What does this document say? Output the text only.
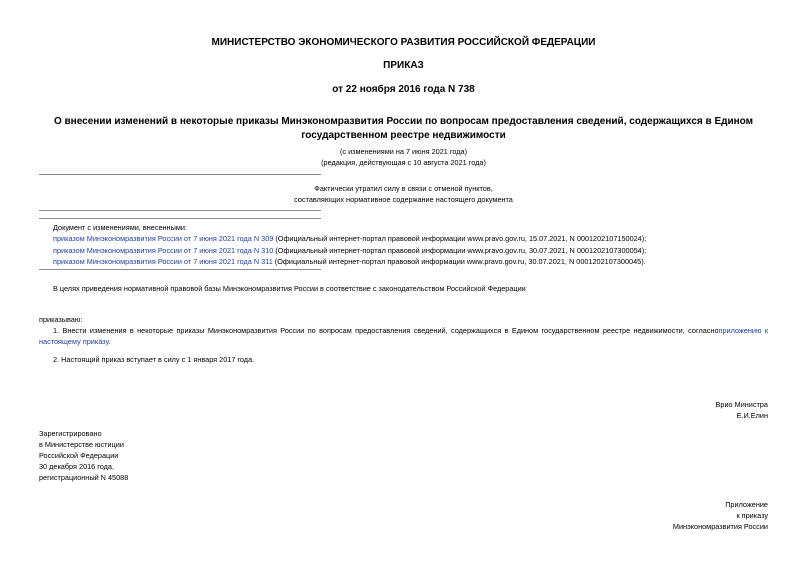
МИНИСТЕРСТВО ЭКОНОМИЧЕСКОГО РАЗВИТИЯ РОССИЙСКОЙ ФЕДЕРАЦИИ
ПРИКАЗ
от 22 ноября 2016 года N 738
О внесении изменений в некоторые приказы Минэкономразвития России по вопросам предоставления сведений, содержащихся в Едином государственном реестре недвижимости
(с изменениями на 7 июня 2021 года)
(редакция, действующая с 10 августа 2021 года)
Фактически утратил силу в связи с отменой пунктов,
составляющих нормативное содержание настоящего документа
Документ с изменениями, внесенными:
приказом Минэкономразвития России от 7 июня 2021 года N 309 (Официальный интернет-портал правовой информации www.pravo.gov.ru, 15.07.2021, N 0001202107150024);
приказом Минэкономразвития России от 7 июня 2021 года N 310 (Официальный интернет-портал правовой информации www.pravo.gov.ru, 30.07.2021, N 0001202107300054);
приказом Минэкономразвития России от 7 июня 2021 года N 311 (Официальный интернет-портал правовой информации www.pravo.gov.ru, 30.07.2021, N 0001202107300045).
В целях приведения нормативной правовой базы Минэкономразвития России в соответствие с законодательством Российской Федерации
приказываю:
1. Внести изменения в некоторые приказы Минэкономразвития России по вопросам предоставления сведений, содержащихся в Едином государственном реестре недвижимости, согласноприложению к настоящему приказу.
2. Настоящий приказ вступает в силу с 1 января 2017 года.
Врио Министра
Е.И.Елин
Зарегистрировано
в Министерстве юстиции
Российской Федерации
30 декабря 2016 года,
регистрационный N 45088
Приложение
к приказу
Минэкономразвития России
